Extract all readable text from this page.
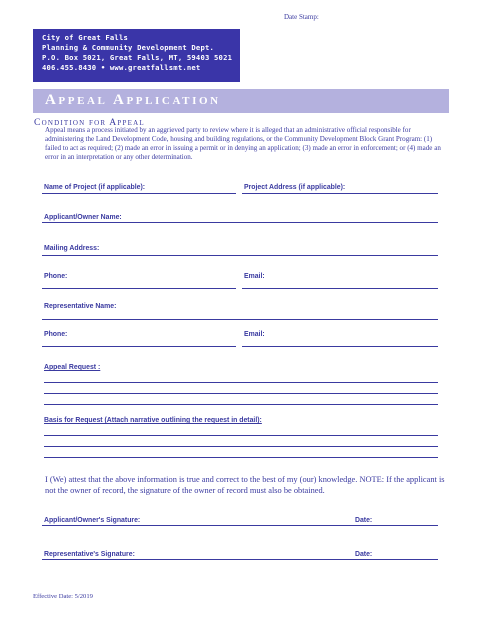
Date Stamp:
City of Great Falls
Planning & Community Development Dept.
P.O. Box 5021, Great Falls, MT, 59403 5021
406.455.8430 • www.greatfallsmt.net
Appeal Application
Condition for Appeal
Appeal means a process initiated by an aggrieved party to review where it is alleged that an administrative official responsible for administering the Land Development Code, housing and building regulations, or the Community Development Block Grant Program: (1) failed to act as required; (2) made an error in issuing a permit or in denying an application; (3) made an error in enforcement; or (4) made an error in an interpretation or any other determination.
Name of Project (if applicable):	Project Address (if applicable):
Applicant/Owner Name:
Mailing Address:
Phone:	Email:
Representative Name:
Phone:	Email:
Appeal Request :
Basis for Request (Attach narrative outlining the request in detail):
I (We) attest that the above information is true and correct to the best of my (our) knowledge. NOTE: If the applicant is not the owner of record, the signature of the owner of record must also be obtained.
Applicant/Owner's Signature:	Date:
Representative's Signature:	Date:
Effective Date: 5/2019
